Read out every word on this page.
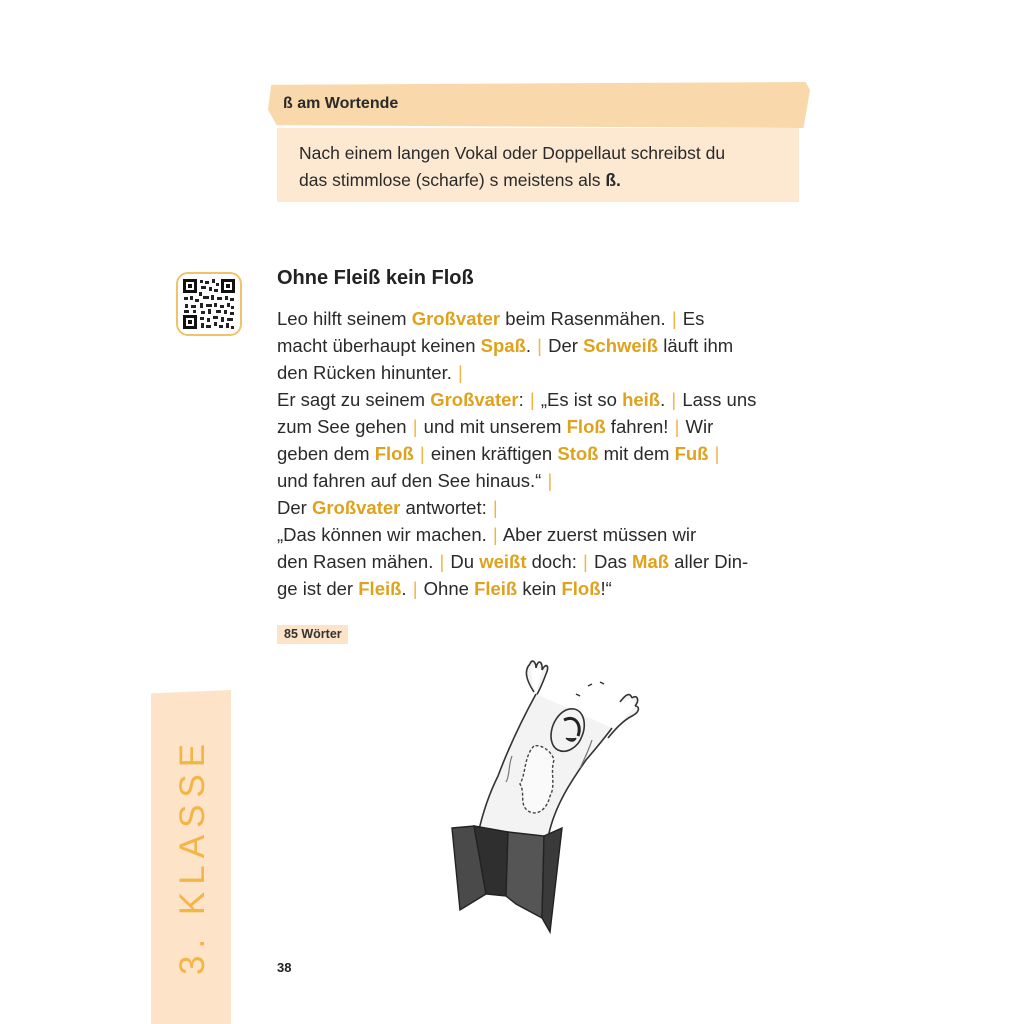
ß am Wortende
Nach einem langen Vokal oder Doppellaut schreibst du
das stimmlose (scharfe) s meistens als ß.
Ohne Fleiß kein Floß
Leo hilft seinem Großvater beim Rasenmähen. | Es
macht überhaupt keinen Spaß. | Der Schweiß läuft ihm
den Rücken hinunter. |
Er sagt zu seinem Großvater: | „Es ist so heiß. | Lass uns
zum See gehen | und mit unserem Floß fahren! | Wir
geben dem Floß | einen kräftigen Stoß mit dem Fuß |
und fahren auf den See hinaus.“ |
Der Großvater antwortet: |
„Das können wir machen. | Aber zuerst müssen wir
den Rasen mähen. | Du weißt doch: | Das Maß aller Din-
ge ist der Fleiß. | Ohne Fleiß kein Floß!“
85 Wörter
3. KLASSE	38
